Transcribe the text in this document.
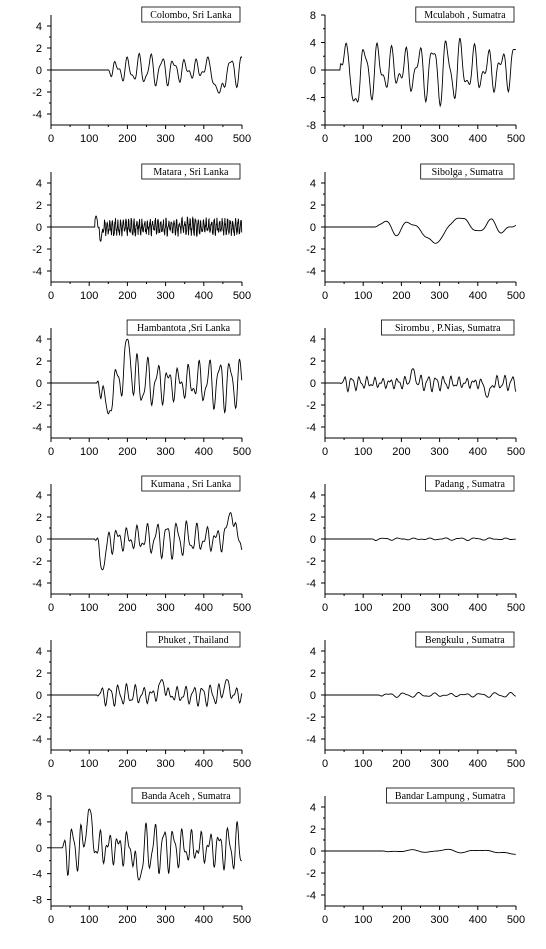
-4
-2
0
2
4
0 100 200 300 400 500
Colombo, Sri Lanka
-8
-4
0
4
8
0 100 200 300 400 500
Mculaboh , Sumatra
-4
-2
0
2
4
0 100 200 300 400 500
Matara , Sri Lanka
-4
-2
0
2
4
0 100 200 300 400 500
Sibolga , Sumatra
-4
-2
0
2
4
0 100 200 300 400 500
Hambantota ,Sri Lanka
-4
-2
0
2
4
0 100 200 300 400 500
Sirombu , P.Nias, Sumatra
-4
-2
0
2
4
0 100 200 300 400 500
Kumana , Sri Lanka
-4
-2
0
2
4
0 100 200 300 400 500
Padang , Sumatra
-4
-2
0
2
4
0 100 200 300 400 500
Phuket , Thailand
-4
-2
0
2
4
0 100 200 300 400 500
Bengkulu , Sumatra
-8
-4
0
4
8
0 100 200 300 400 500
Banda Aceh , Sumatra
-4
-2
0
2
4
0 100 200 300 400 500
Bandar Lampung , Sumatra
